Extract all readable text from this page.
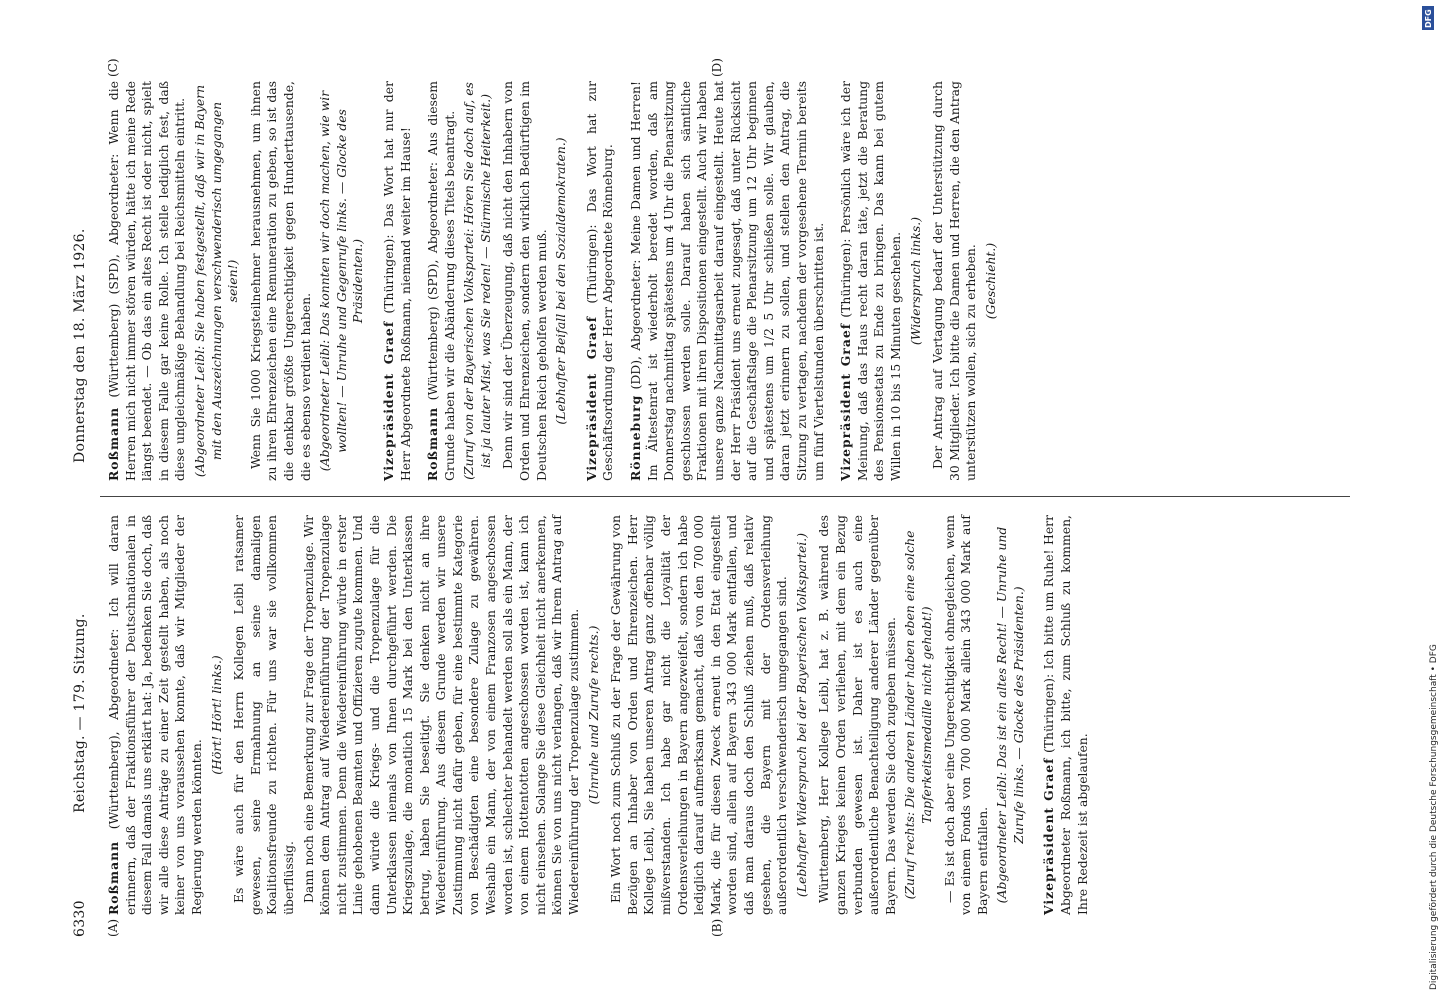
6330
Reichstag. — 179. Sitzung.
Donnerstag den 18. März 1926.
(A)	(B)
(C)	(D)

Roßmann (Württemberg), Abgeordneter: Ich will daran erinnern, daß der Fraktionsführer der Deutschnationalen in diesem Fall damals uns erklärt hat: Ja, bedenken Sie doch, daß wir alle diese Anträge zu einer Zeit gestellt haben, als noch keiner von uns voraussehen konnte, daß wir Mitglieder der Regierung werden könnten.

(Hört! Hört! links.) Es wäre auch für den Herrn Kollegen Leibl ratsamer gewesen, seine Ermahnung an seine damaligen Koalitionsfreunde zu richten. Für uns war sie vollkommen überflüssig. Dann noch eine Bemerkung zur Frage der Tropenzulage. Wir können dem Antrag auf Wiedereinführung der Tropenzulage nicht zustimmen. Denn die Wiedereinführung würde in erster Linie gehobenen Beamten und Offizieren zugute kommen. Und dann würde die Kriegs- und die Tropenzulage für die Unterklassen niemals von Ihnen durchgeführt werden. Die Kriegszulage, die monatlich 15 Mark bei den Unterklassen betrug, haben Sie beseitigt. Sie denken nicht an ihre Wiedereinführung. Aus diesem Grunde werden wir unsere Zustimmung nicht dafür geben, für eine bestimmte Kategorie von Beschädigten eine besondere Zulage zu gewähren. Weshalb ein Mann, der von einem Franzosen angeschossen worden ist, schlechter behandelt werden soll als ein Mann, der von einem Hottentotten angeschossen worden ist, kann ich nicht einsehen. Solange Sie diese Gleichheit nicht anerkennen, können Sie von uns nicht verlangen, daß wir Ihrem Antrag auf Wiedereinführung der Tropenzulage zustimmen. (Unruhe und Zurufe rechts.) Ein Wort noch zum Schluß zu der Frage der Gewährung von Bezügen an Inhaber von Orden und Ehrenzeichen. Herr Kollege Leibl, Sie haben unseren Antrag ganz offenbar völlig mißverstanden. Ich habe gar nicht die Loyalität der Ordensverleihungen in Bayern angezweifelt, sondern ich habe lediglich darauf aufmerksam gemacht, daß von den 700 000 Mark, die für diesen Zweck erneut in den Etat eingestellt worden sind, allein auf Bayern 343 000 Mark entfallen, und daß man daraus doch den Schluß ziehen muß, daß relativ gesehen, die Bayern mit der Ordensverleihung außerordentlich verschwenderisch umgegangen sind. (Lebhafter Widerspruch bei der Bayerischen Volkspartei.) Württemberg, Herr Kollege Leibl, hat z. B. während des ganzen Krieges keinen Orden verliehen, mit dem ein Bezug verbunden gewesen ist. Daher ist es auch eine außerordentliche Benachteiligung anderer Länder gegenüber Bayern. Das werden Sie doch zugeben müssen. (Zuruf rechts: Die anderen Länder haben eben eine solche Tapferkeitsmedaille nicht gehabt!) — Es ist doch aber eine Ungerechtigkeit ohnegleichen, wenn von einem Fonds von 700 000 Mark allein 343 000 Mark auf Bayern entfallen. (Abgeordneter Leibl: Das ist ein altes Recht! — Unruhe und Zurufe links. — Glocke des Präsidenten.) Vizepräsident Graef (Thüringen): Ich bitte um Ruhe! Herr Abgeordneter Roßmann, ich bitte, zum Schluß zu kommen, Ihre Redezeit ist abgelaufen.

Roßmann (Württemberg) (SPD), Abgeordneter: Wenn die Herren mich nicht immer stören würden, hätte ich meine Rede längst beendet. — Ob das ein altes Recht ist oder nicht, spielt in diesem Falle gar keine Rolle. Ich stelle lediglich fest, daß diese ungleichmäßige Behandlung bei Reichsmitteln eintritt. (Abgeordneter Leibl: Sie haben festgestellt, daß wir in Bayern mit den Auszeichnungen verschwenderisch umgegangen seien!) Wenn Sie 1000 Kriegsteilnehmer herausnehmen, um ihnen zu ihren Ehrenzeichen eine Remuneration zu geben, so ist das die denkbar größte Ungerechtigkeit gegen Hunderttausende, die es ebenso verdient haben. (Abgeordneter Leibl: Das konnten wir doch machen, wie wir wollten! — Unruhe und Gegenrufe links. — Glocke des Präsidenten.)

Vizepräsident Graef (Thüringen): Das Wort hat nur der Herr Abgeordnete Roßmann, niemand weiter im Hause! Roßmann (Württemberg) (SPD), Abgeordneter: Aus diesem Grunde haben wir die Abänderung dieses Titels beantragt. (Zuruf von der Bayerischen Volkspartei: Hören Sie doch auf, es ist ja lauter Mist, was Sie reden! — Stürmische Heiterkeit.) Denn wir sind der Überzeugung, daß nicht den Inhabern von Orden und Ehrenzeichen, sondern den wirklich Bedürftigen im Deutschen Reich geholfen werden muß. (Lebhafter Beifall bei den Sozialdemokraten.) Vizepräsident Graef (Thüringen): Das Wort hat zur Geschäftsordnung der Herr Abgeordnete Rönneburg. Rönneburg (DD), Abgeordneter: Meine Damen und Herren! Im Ältestenrat ist wiederholt beredet worden, daß am Donnerstag nachmittag spätestens um 4 Uhr die Plenarsitzung geschlossen werden solle. Darauf haben sich sämtliche Fraktionen mit ihren Dispositionen eingestellt. Auch wir haben unsere ganze Nachmittagsarbeit darauf eingestellt. Heute hat der Herr Präsident uns erneut zugesagt, daß unter Rücksicht auf die Geschäftslage die Plenarsitzung um 12 Uhr beginnen und spätestens um 1/2 5 Uhr schließen solle. Wir glauben, daran jetzt erinnern zu sollen, und stellen den Antrag, die Sitzung zu vertagen, nachdem der vorgesehene Termin bereits um fünf Viertelstunden überschritten ist. Vizepräsident Graef (Thüringen): Persönlich wäre ich der Meinung, daß das Haus recht daran täte, jetzt die Beratung des Pensionsetats zu Ende zu bringen. Das kann bei gutem Willen in 10 bis 15 Minuten geschehen. (Widerspruch links.) Der Antrag auf Vertagung bedarf der Unterstützung durch 30 Mitglieder. Ich bitte die Damen und Herren, die den Antrag unterstützen wollen, sich zu erheben. (Geschieht.)

DFG
Digitalisierung gefördert durch die Deutsche Forschungsgemeinschaft • DFG
